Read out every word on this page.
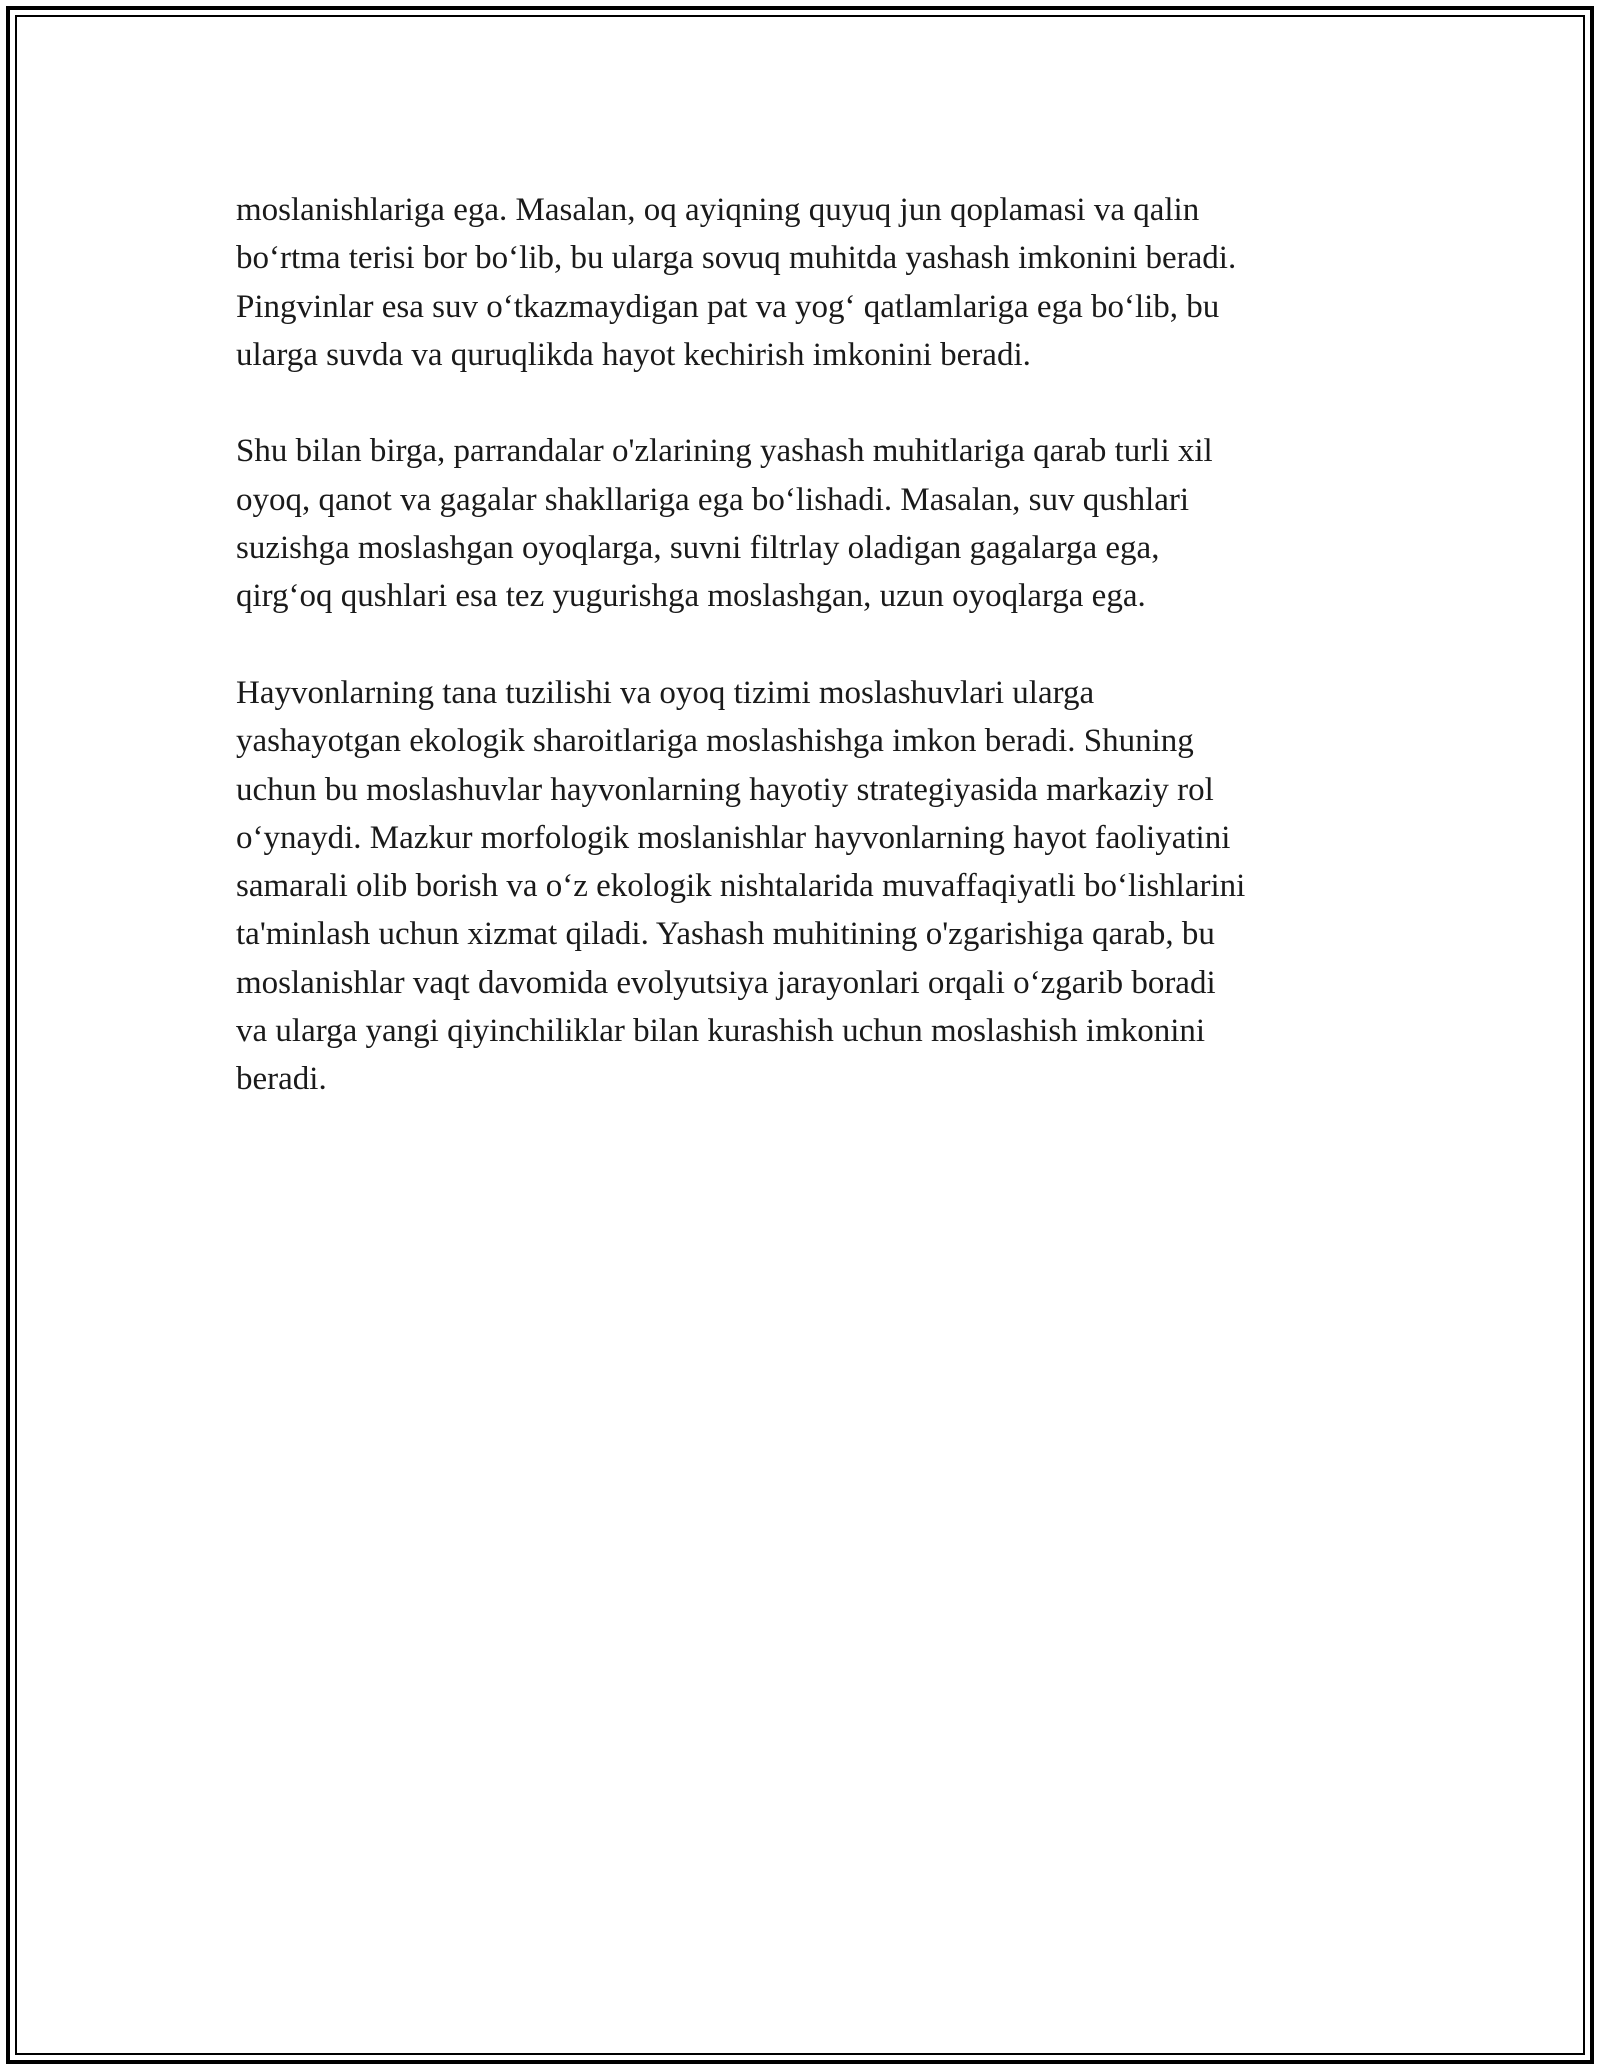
moslanishlariga ega. Masalan, oq ayiqning quyuq jun qoplamasi va qalin
bo‘rtma terisi bor bo‘lib, bu ularga sovuq muhitda yashash imkonini beradi.
Pingvinlar esa suv o‘tkazmaydigan pat va yog‘ qatlamlariga ega bo‘lib, bu
ularga suvda va quruqlikda hayot kechirish imkonini beradi.

Shu bilan birga, parrandalar o'zlarining yashash muhitlariga qarab turli xil
oyoq, qanot va gagalar shakllariga ega bo‘lishadi. Masalan, suv qushlari
suzishga moslashgan oyoqlarga, suvni filtrlay oladigan gagalarga ega,
qirg‘oq qushlari esa tez yugurishga moslashgan, uzun oyoqlarga ega.

Hayvonlarning tana tuzilishi va oyoq tizimi moslashuvlari ularga
yashayotgan ekologik sharoitlariga moslashishga imkon beradi. Shuning
uchun bu moslashuvlar hayvonlarning hayotiy strategiyasida markaziy rol
o‘ynaydi. Mazkur morfologik moslanishlar hayvonlarning hayot faoliyatini
samarali olib borish va o‘z ekologik nishtalarida muvaffaqiyatli bo‘lishlarini
ta'minlash uchun xizmat qiladi. Yashash muhitining o'zgarishiga qarab, bu
moslanishlar vaqt davomida evolyutsiya jarayonlari orqali o‘zgarib boradi
va ularga yangi qiyinchiliklar bilan kurashish uchun moslashish imkonini
beradi.
